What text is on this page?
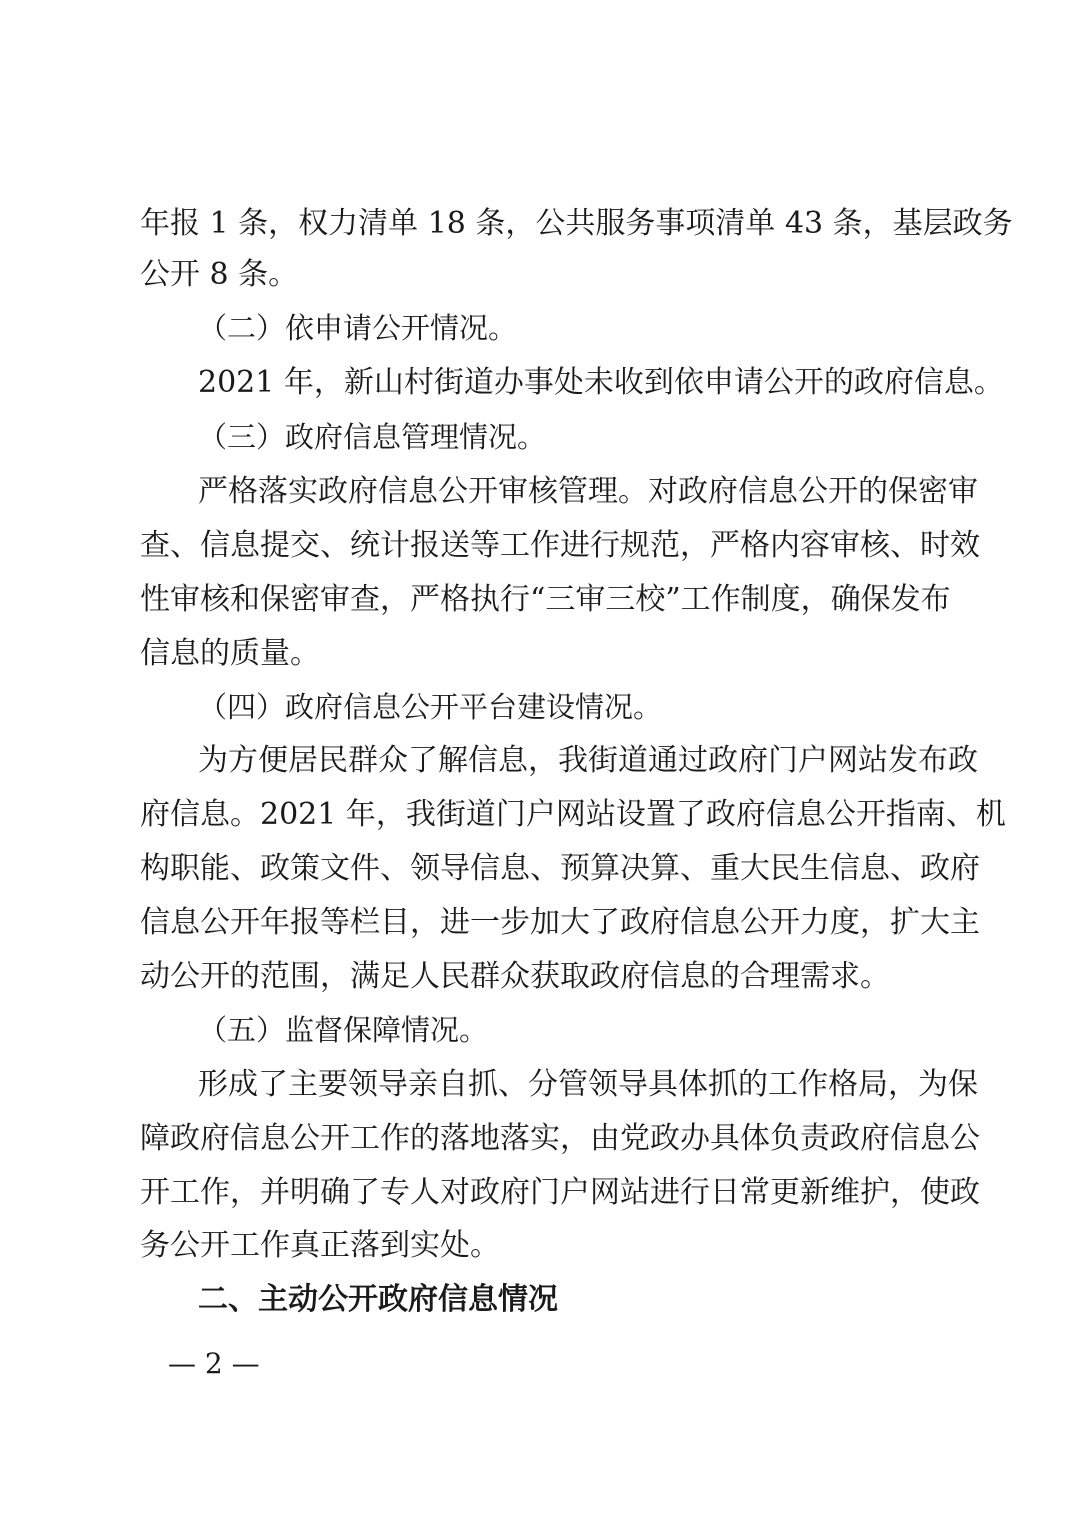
年报 1 条，权力清单 18 条，公共服务事项清单 43 条，基层政务
公开 8 条。
（二）依申请公开情况。
2021 年，新山村街道办事处未收到依申请公开的政府信息。
（三）政府信息管理情况。
严格落实政府信息公开审核管理。对政府信息公开的保密审
查、信息提交、统计报送等工作进行规范，严格内容审核、时效
性审核和保密审查，严格执行“三审三校”工作制度，确保发布
信息的质量。
（四）政府信息公开平台建设情况。
为方便居民群众了解信息，我街道通过政府门户网站发布政
府信息。2021 年，我街道门户网站设置了政府信息公开指南、机
构职能、政策文件、领导信息、预算决算、重大民生信息、政府
信息公开年报等栏目，进一步加大了政府信息公开力度，扩大主
动公开的范围，满足人民群众获取政府信息的合理需求。
（五）监督保障情况。
形成了主要领导亲自抓、分管领导具体抓的工作格局，为保
障政府信息公开工作的落地落实，由党政办具体负责政府信息公
开工作，并明确了专人对政府门户网站进行日常更新维护，使政
务公开工作真正落到实处。
二、主动公开政府信息情况
— 2 —
